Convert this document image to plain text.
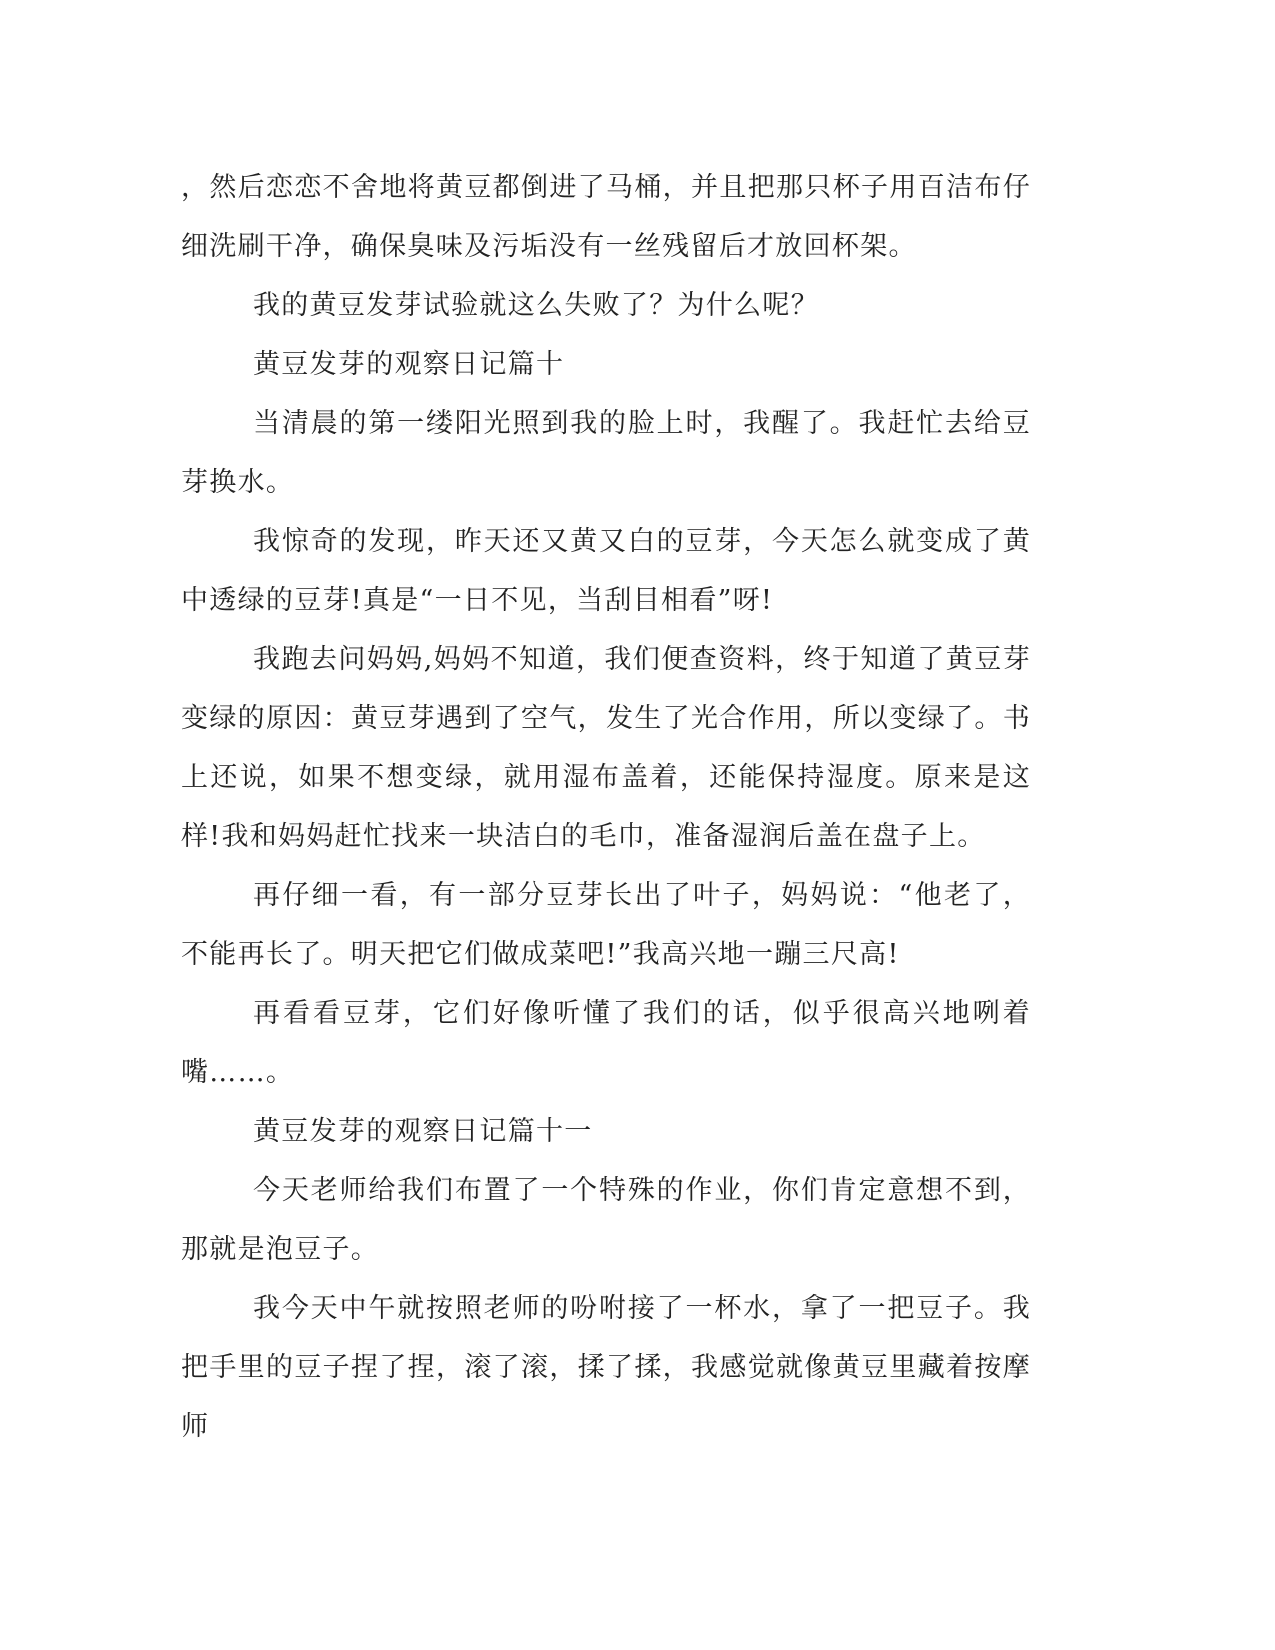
，然后恋恋不舍地将黄豆都倒进了马桶，并且把那只杯子用百洁布仔细洗刷干净，确保臭味及污垢没有一丝残留后才放回杯架。

我的黄豆发芽试验就这么失败了？为什么呢？

黄豆发芽的观察日记篇十

当清晨的第一缕阳光照到我的脸上时，我醒了。我赶忙去给豆芽换水。

我惊奇的发现，昨天还又黄又白的豆芽，今天怎么就变成了黄中透绿的豆芽!真是“一日不见，当刮目相看”呀!

我跑去问妈妈,妈妈不知道，我们便查资料，终于知道了黄豆芽变绿的原因：黄豆芽遇到了空气，发生了光合作用，所以变绿了。书上还说，如果不想变绿，就用湿布盖着，还能保持湿度。原来是这样!我和妈妈赶忙找来一块洁白的毛巾，准备湿润后盖在盘子上。

再仔细一看，有一部分豆芽长出了叶子，妈妈说：“他老了，不能再长了。明天把它们做成菜吧!”我高兴地一蹦三尺高!

再看看豆芽，它们好像听懂了我们的话，似乎很高兴地咧着嘴……。

黄豆发芽的观察日记篇十一

今天老师给我们布置了一个特殊的作业，你们肯定意想不到，那就是泡豆子。

我今天中午就按照老师的吩咐接了一杯水，拿了一把豆子。我把手里的豆子捏了捏，滚了滚，揉了揉，我感觉就像黄豆里藏着按摩师
